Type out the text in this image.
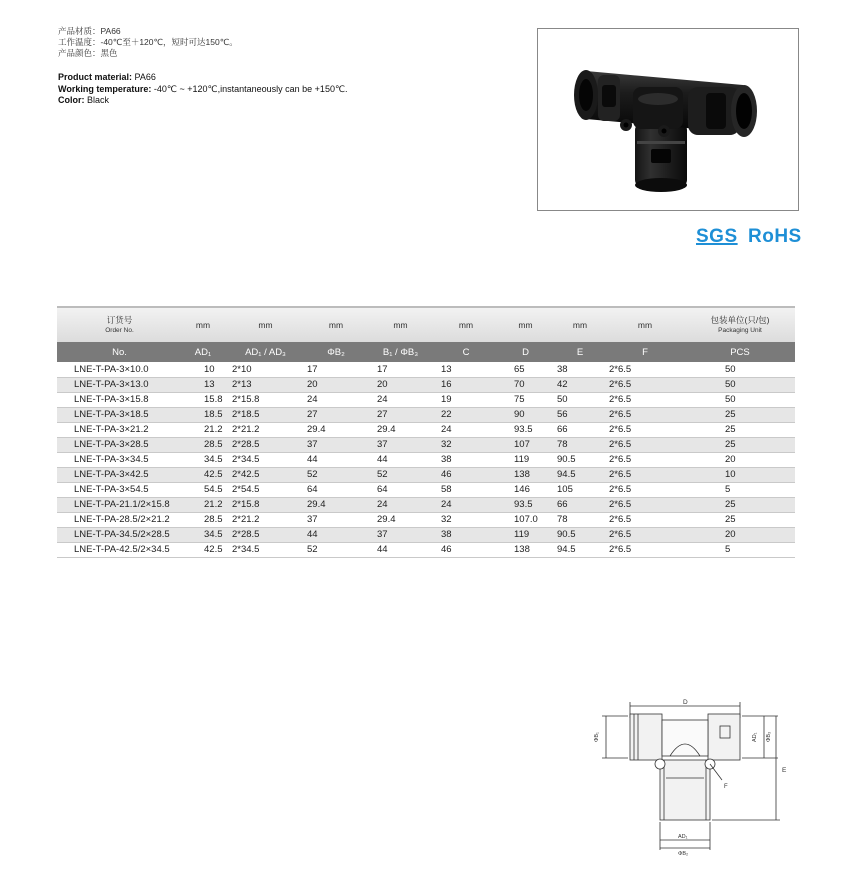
产品材质：PA66
工作温度：-40℃至＋120℃，短时可达150℃。
产品颜色：黑色
Product material: PA66
Working temperature: -40℃ ~ +120℃,instantaneously can be +150℃.
Color: Black
SGS RoHS
订货号
Order No.	mm	mm	mm	mm	mm	mm	mm	mm	包装单位(只/包)
Packaging Unit

No.	AD₁	AD₁ / AD₃	ΦB₂	B₁ / ΦB₃	C	D	E	F	PCS
LNE-T-PA-3×10.0	10	2*10	17	17	13	65	38	2*6.5	50
LNE-T-PA-3×13.0	13	2*13	20	20	16	70	42	2*6.5	50
LNE-T-PA-3×15.8	15.8	2*15.8	24	24	19	75	50	2*6.5	50
LNE-T-PA-3×18.5	18.5	2*18.5	27	27	22	90	56	2*6.5	25
LNE-T-PA-3×21.2	21.2	2*21.2	29.4	29.4	24	93.5	66	2*6.5	25
LNE-T-PA-3×28.5	28.5	2*28.5	37	37	32	107	78	2*6.5	25
LNE-T-PA-3×34.5	34.5	2*34.5	44	44	38	119	90.5	2*6.5	20
LNE-T-PA-3×42.5	42.5	2*42.5	52	52	46	138	94.5	2*6.5	10
LNE-T-PA-3×54.5	54.5	2*54.5	64	64	58	146	105	2*6.5	5
LNE-T-PA-21.1/2×15.8	21.2	2*15.8	29.4	24	24	93.5	66	2*6.5	25
LNE-T-PA-28.5/2×21.2	28.5	2*21.2	37	29.4	32	107.0	78	2*6.5	25
LNE-T-PA-34.5/2×28.5	34.5	2*28.5	44	37	38	119	90.5	2*6.5	20
LNE-T-PA-42.5/2×34.5	42.5	2*34.5	52	44	46	138	94.5	2*6.5	5
D
E
F
ΦB₁	AD₁ ΦB₃
AD₁
ΦB₂
